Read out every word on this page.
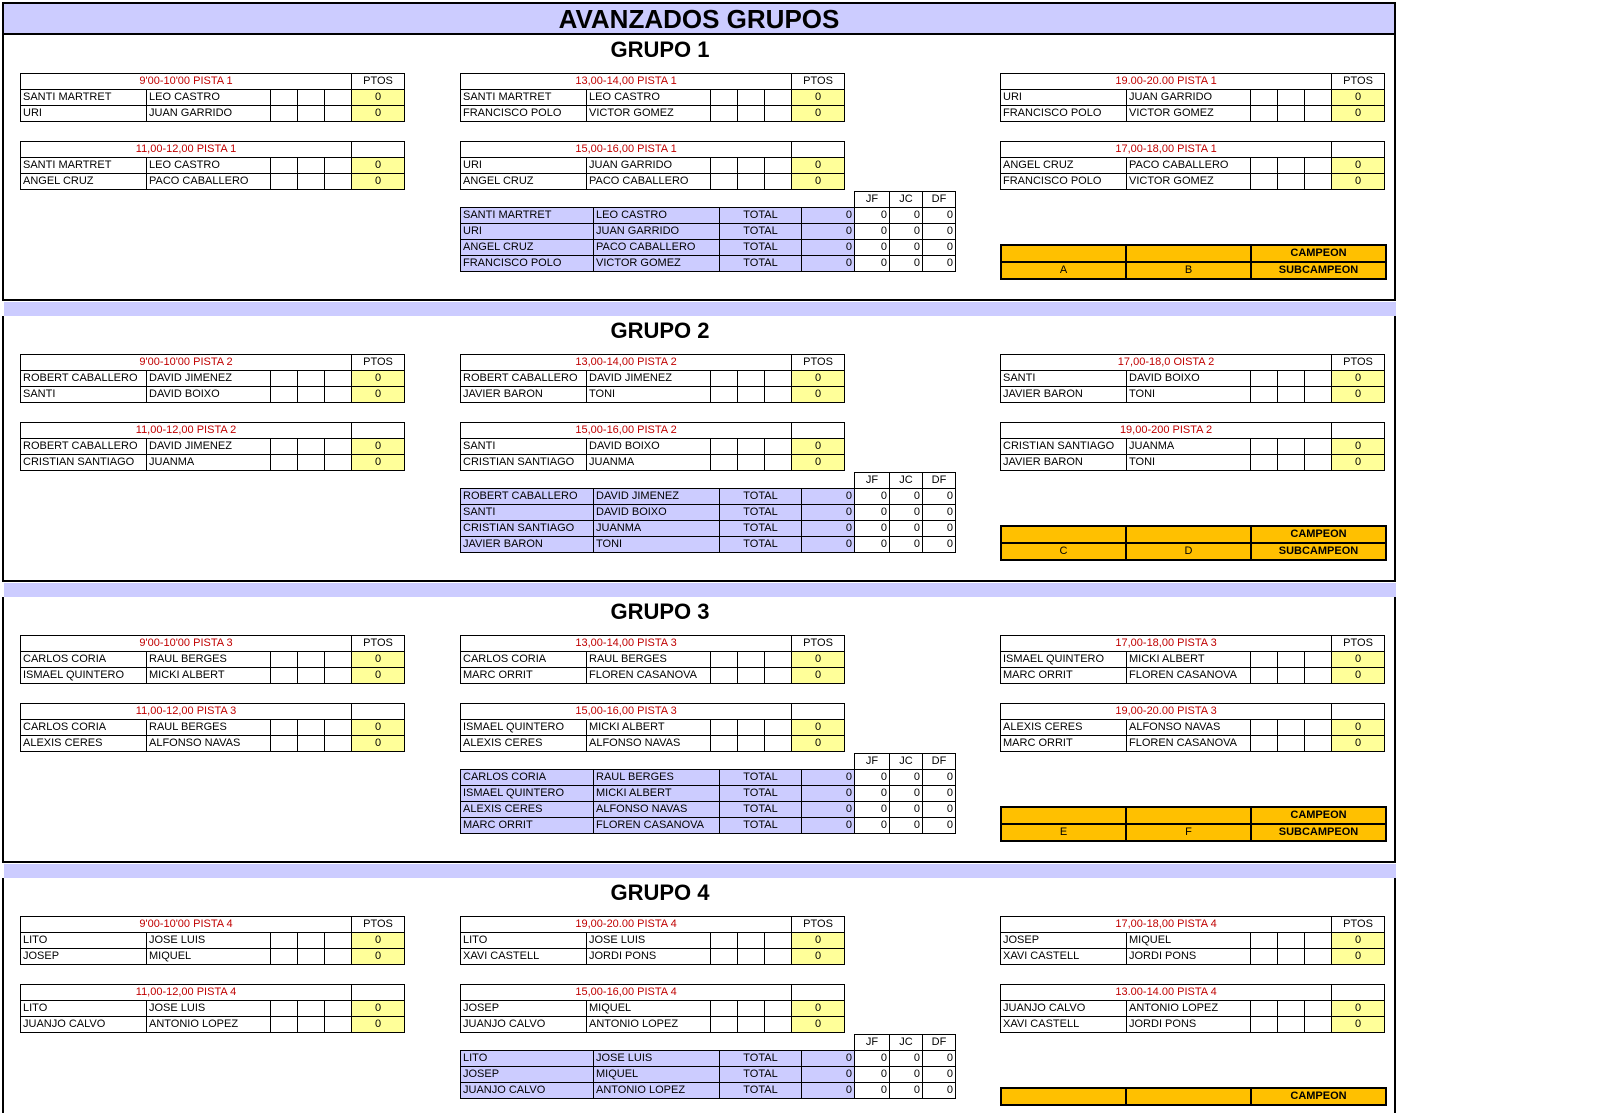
AVANZADOS GRUPOS
GRUPO 1
9'00-10'00 PISTA 1					PTOS
SANTI MARTRET	LEO CASTRO				0
URI	JUAN GARRIDO				0
11,00-12,00 PISTA 1					
SANTI MARTRET	LEO CASTRO				0
ANGEL CRUZ	PACO CABALLERO				0
13,00-14,00 PISTA 1					PTOS
SANTI MARTRET	LEO CASTRO				0
FRANCISCO POLO	VICTOR GOMEZ				0
15,00-16,00 PISTA 1					
URI	JUAN GARRIDO				0
ANGEL CRUZ	PACO CABALLERO				0
19.00-20.00 PISTA 1					PTOS
URI	JUAN GARRIDO				0
FRANCISCO POLO	VICTOR GOMEZ				0
17,00-18,00 PISTA 1					
ANGEL CRUZ	PACO CABALLERO				0
FRANCISCO POLO	VICTOR GOMEZ				0
				JF	JC	DF
SANTI MARTRET	LEO CASTRO	TOTAL	0	0	0	0
URI	JUAN GARRIDO	TOTAL	0	0	0	0
ANGEL CRUZ	PACO CABALLERO	TOTAL	0	0	0	0
FRANCISCO POLO	VICTOR GOMEZ	TOTAL	0	0	0	0
		CAMPEON
A	B	SUBCAMPEON
GRUPO 2
9'00-10'00 PISTA 2					PTOS
ROBERT CABALLERO	DAVID JIMENEZ				0
SANTI	DAVID BOIXO				0
11,00-12,00 PISTA 2					
ROBERT CABALLERO	DAVID JIMENEZ				0
CRISTIAN SANTIAGO	JUANMA				0
13,00-14,00 PISTA 2					PTOS
ROBERT CABALLERO	DAVID JIMENEZ				0
JAVIER BARON	TONI				0
15,00-16,00 PISTA 2					
SANTI	DAVID BOIXO				0
CRISTIAN SANTIAGO	JUANMA				0
17,00-18,0 OISTA 2					PTOS
SANTI	DAVID BOIXO				0
JAVIER BARON	TONI				0
19,00-200 PISTA 2					
CRISTIAN SANTIAGO	JUANMA				0
JAVIER BARON	TONI				0
				JF	JC	DF
ROBERT CABALLERO	DAVID JIMENEZ	TOTAL	0	0	0	0
SANTI	DAVID BOIXO	TOTAL	0	0	0	0
CRISTIAN SANTIAGO	JUANMA	TOTAL	0	0	0	0
JAVIER BARON	TONI	TOTAL	0	0	0	0
		CAMPEON
C	D	SUBCAMPEON
GRUPO 3
9'00-10'00 PISTA 3					PTOS
CARLOS CORIA	RAUL BERGES				0
ISMAEL QUINTERO	MICKI ALBERT				0
11,00-12,00 PISTA 3					
CARLOS CORIA	RAUL BERGES				0
ALEXIS CERES	ALFONSO NAVAS				0
13,00-14,00 PISTA 3					PTOS
CARLOS CORIA	RAUL BERGES				0
MARC ORRIT	FLOREN CASANOVA				0
15,00-16,00 PISTA 3					
ISMAEL QUINTERO	MICKI ALBERT				0
ALEXIS CERES	ALFONSO NAVAS				0
17,00-18,00 PISTA 3					PTOS
ISMAEL QUINTERO	MICKI ALBERT				0
MARC ORRIT	FLOREN CASANOVA				0
19,00-20.00 PISTA 3					
ALEXIS CERES	ALFONSO NAVAS				0
MARC ORRIT	FLOREN CASANOVA				0
				JF	JC	DF
CARLOS CORIA	RAUL BERGES	TOTAL	0	0	0	0
ISMAEL QUINTERO	MICKI ALBERT	TOTAL	0	0	0	0
ALEXIS CERES	ALFONSO NAVAS	TOTAL	0	0	0	0
MARC ORRIT	FLOREN CASANOVA	TOTAL	0	0	0	0
		CAMPEON
E	F	SUBCAMPEON
GRUPO 4
9'00-10'00 PISTA 4					PTOS
LITO	JOSE LUIS				0
JOSEP	MIQUEL				0
11,00-12,00 PISTA 4					
LITO	JOSE LUIS				0
JUANJO CALVO	ANTONIO LOPEZ				0
19,00-20.00 PISTA 4					PTOS
LITO	JOSE LUIS				0
XAVI CASTELL	JORDI PONS				0
15,00-16,00 PISTA 4					
JOSEP	MIQUEL				0
JUANJO CALVO	ANTONIO LOPEZ				0
17,00-18,00 PISTA 4					PTOS
JOSEP	MIQUEL				0
XAVI CASTELL	JORDI PONS				0
13.00-14.00 PISTA 4					
JUANJO CALVO	ANTONIO LOPEZ				0
XAVI CASTELL	JORDI PONS				0
				JF	JC	DF
LITO	JOSE LUIS	TOTAL	0	0	0	0
JOSEP	MIQUEL	TOTAL	0	0	0	0
JUANJO CALVO	ANTONIO LOPEZ	TOTAL	0	0	0	0
			CAMPEON
